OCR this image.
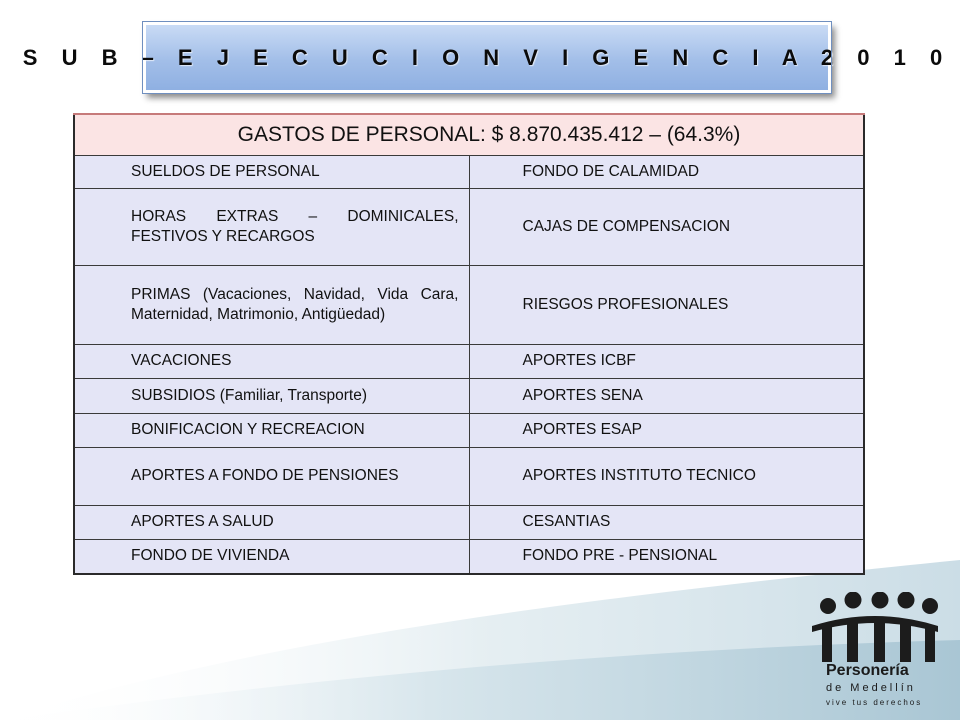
S U B – E J E C U C I O N V I G E N C I A 2 0 1 0
GASTOS DE PERSONAL: $ 8.870.435.412 – (64.3%)	
SUELDOS DE PERSONAL	FONDO DE CALAMIDAD
HORAS EXTRAS – DOMINICALES, FESTIVOS Y RECARGOS	CAJAS DE COMPENSACION
PRIMAS (Vacaciones, Navidad, Vida Cara, Maternidad, Matrimonio, Antigüedad)	RIESGOS PROFESIONALES
VACACIONES	APORTES ICBF
SUBSIDIOS (Familiar, Transporte)	APORTES SENA
BONIFICACION Y RECREACION	APORTES ESAP
APORTES A FONDO DE PENSIONES	APORTES INSTITUTO TECNICO
APORTES A SALUD	CESANTIAS
FONDO DE VIVIENDA	FONDO PRE - PENSIONAL
Personería
de Medellín
vive tus derechos
